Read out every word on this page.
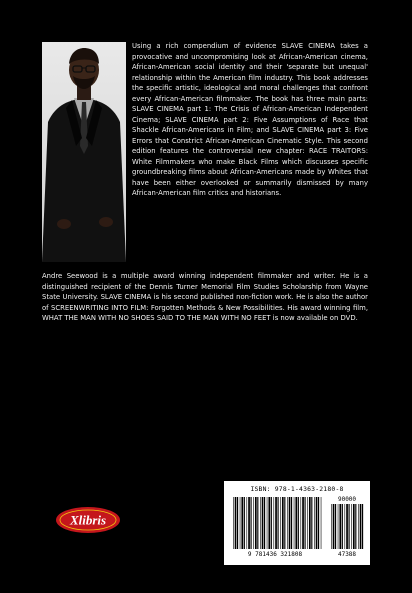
Using a rich compendium of evidence SLAVE CINEMA takes a provocative and uncompromising look at African-American cinema, African-American social identity and their 'separate but unequal' relationship within the American film industry. This book addresses the specific artistic, ideological and moral challenges that confront every African-American filmmaker. The book has three main parts: SLAVE CINEMA part 1: The Crisis of African-American Independent Cinema; SLAVE CINEMA part 2: Five Assumptions of Race that Shackle African-Americans in Film; and SLAVE CINEMA part 3: Five Errors that Constrict African-American Cinematic Style. This second edition features the controversial new chapter: RACE TRAITORS: White Filmmakers who make Black Films which discusses specific groundbreaking films about African-Americans made by Whites that have been either overlooked or summarily dismissed by many African-American film critics and historians.

Andre Seewood is a multiple award winning independent filmmaker and writer. He is a distinguished recipient of the Dennis Turner Memorial Film Studies Scholarship from Wayne State University. SLAVE CINEMA is his second published non-fiction work. He is also the author of SCREENWRITING INTO FILM: Forgotten Methods & New Possibilities. His award winning film, WHAT THE MAN WITH NO SHOES SAID TO THE MAN WITH NO FEET is now available on DVD.

Xlibris

ISBN: 978-1-4363-2180-8

90000
9 781436 321808	47388
